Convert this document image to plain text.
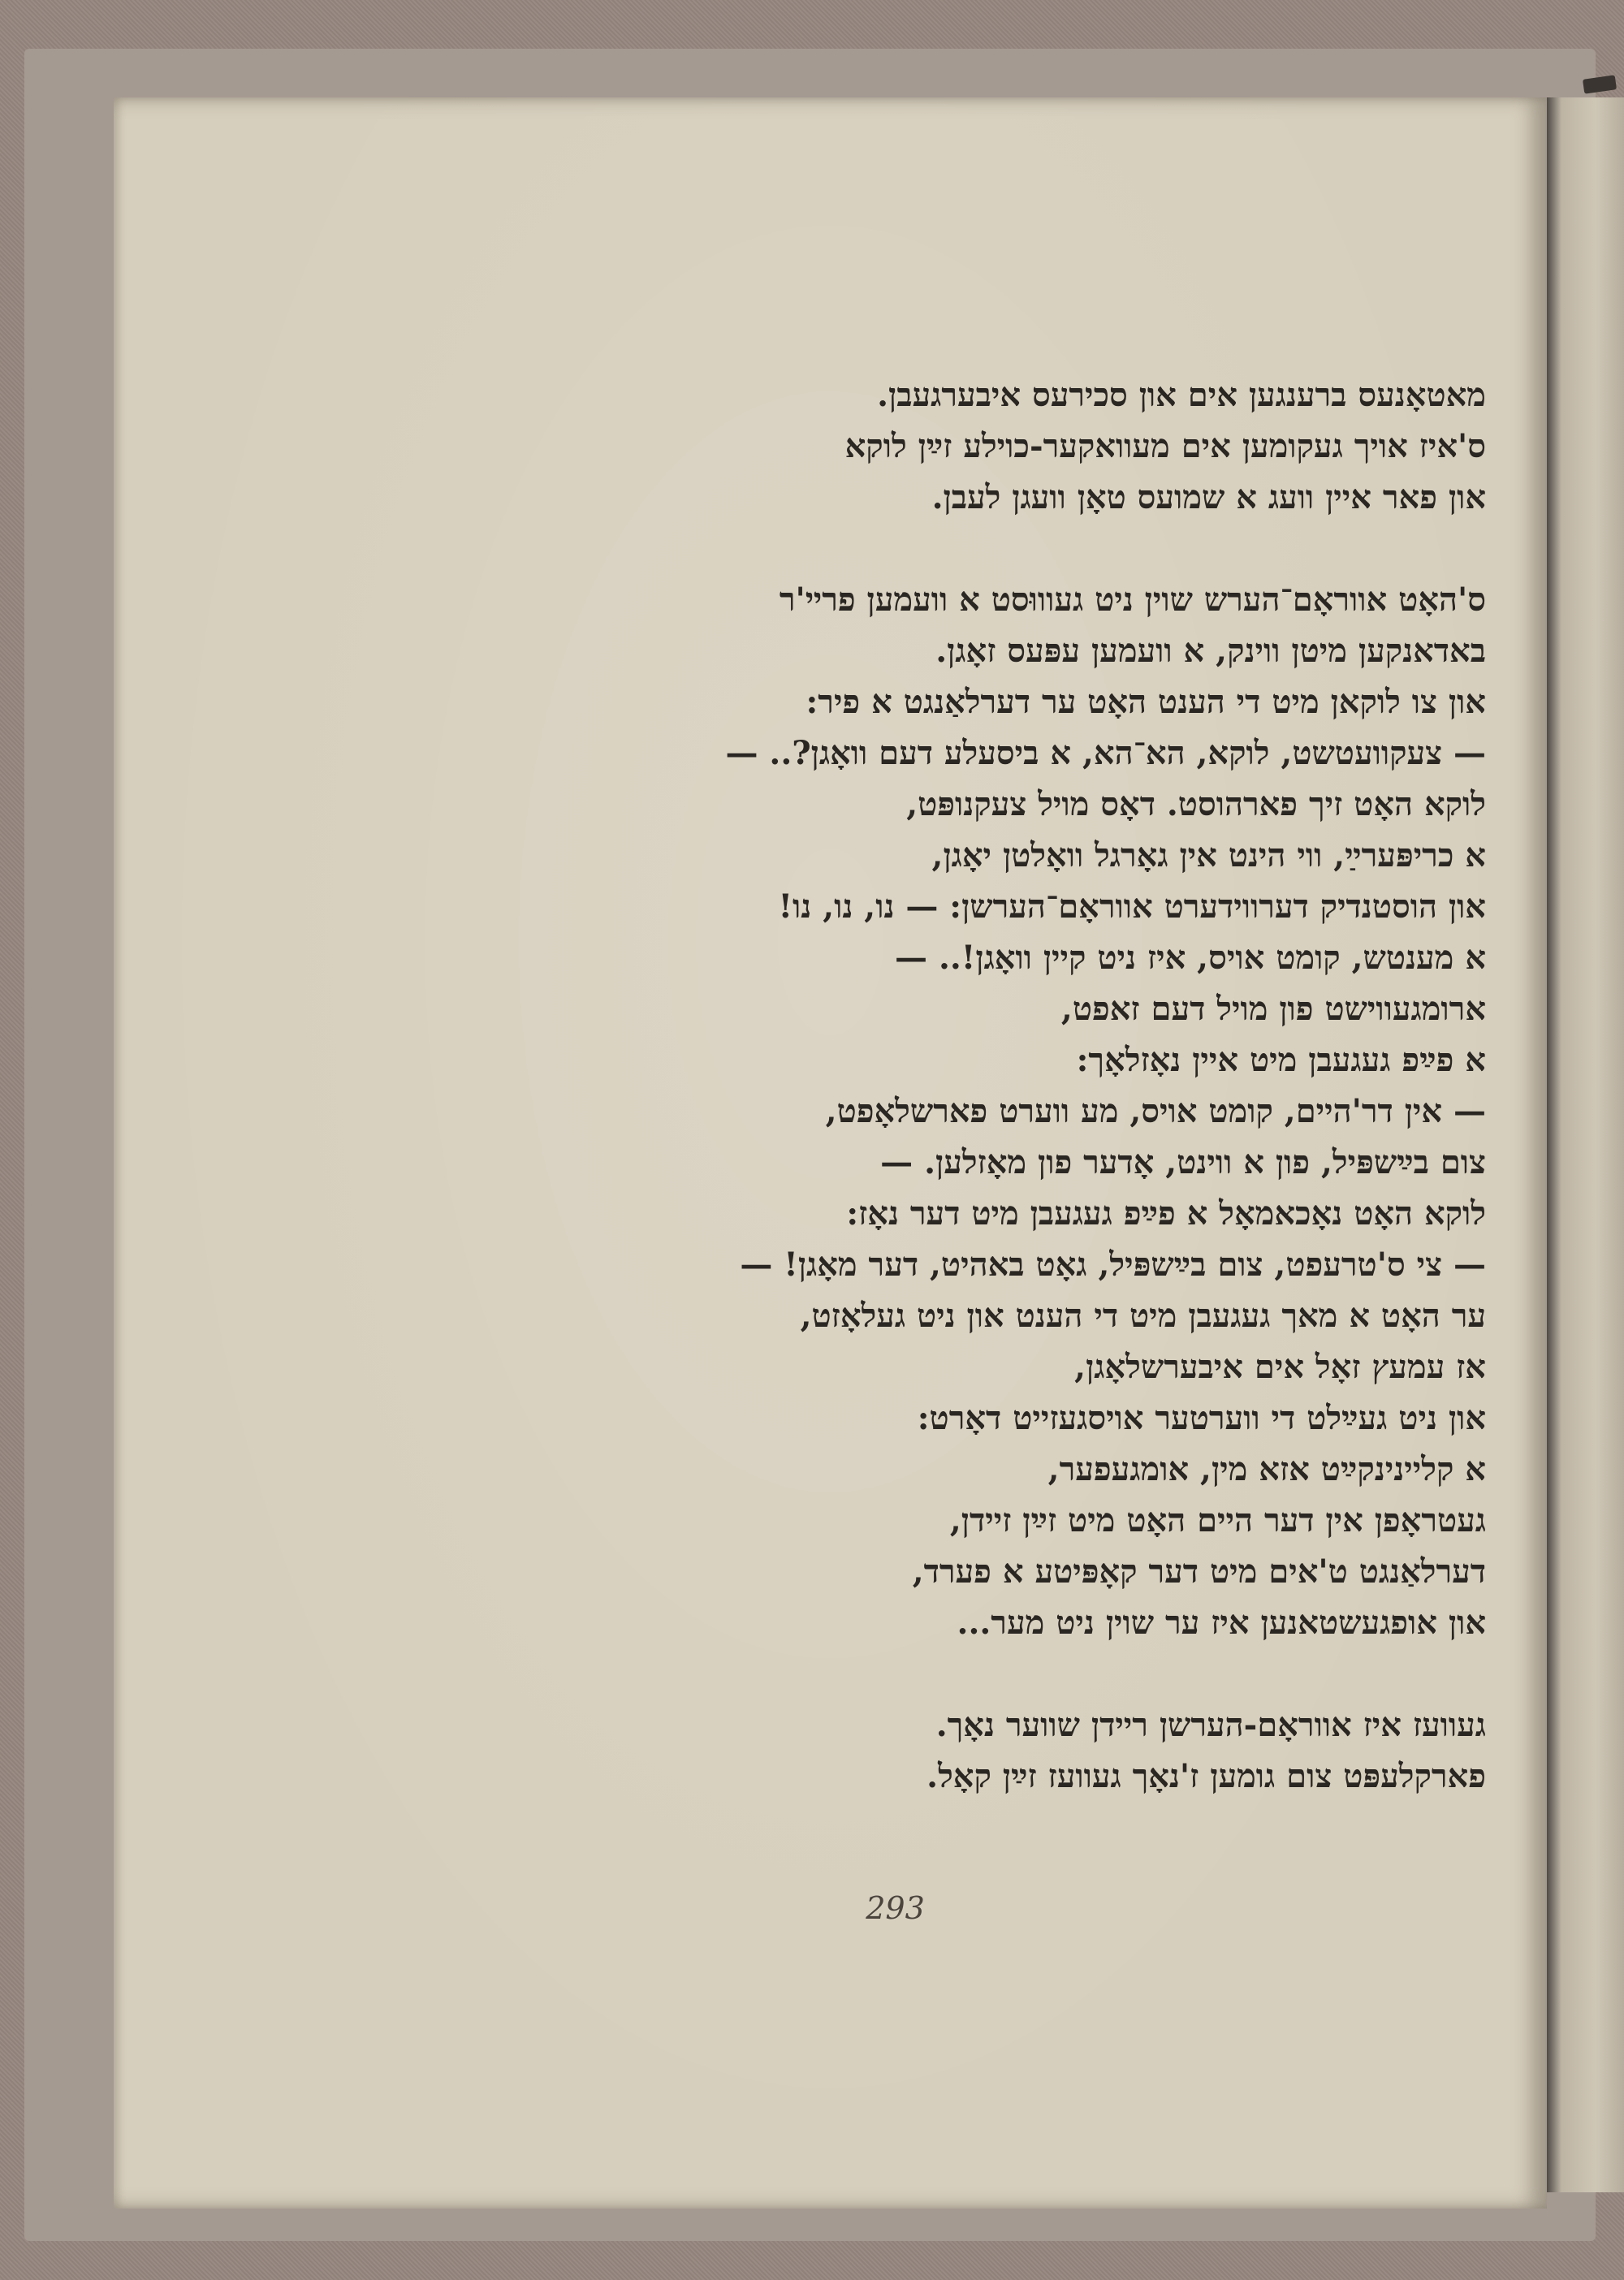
מאטאָנעס ברענגען אים און סכירעס איבערגעבן.
ס'איז אויך געקומען אים מעוואקער-כוילע זײַן לוקא
און פאר איין וועג א שמועס טאָן וועגן לעבן.
ס'האָט אווראָם־הערש שוין ניט געוווּסט א וועמען פרײ'ר
באדאנקען מיטן ווינק, א וועמען עפּעס זאָגן.
און צו לוקאן מיט די הענט האָט ער דערלאַנגט א פיר:
— צעקוועטשט, לוקא, הא־הא, א ביסעלע דעם וואָגן?.. —
לוקא האָט זיך פארהוסט. דאָס מויל צעקנופּט,
א כריפּערײַ, ווי הינט אין גאָרגל וואָלטן יאָגן,
און הוסטנדיק דערווידערט אווראָם־הערשן: — נו, נו, נו!
א מענטש, קומט אויס, איז ניט קיין וואָגן!.. —
ארומגעווישט פון מויל דעם זאפט,
א פײַפ געגעבן מיט איין נאָזלאָך:
— אין דר'היים, קומט אויס, מע ווערט פארשלאָפט,
צום בײַשפּיל, פון א ווינט, אָדער פון מאָזלען. —
לוקא האָט נאָכאמאָל א פײַפ געגעבן מיט דער נאָז:
— צי ס'טרעפט, צום בײַשפּיל, גאָט באהיט, דער מאָגן! —
ער האָט א מאך געגעבן מיט די הענט און ניט געלאָזט,
אז עמעץ זאָל אים איבערשלאָגן,
און ניט געײַלט די ווערטער אויסגעזייט דאָרט:
א קליינינקײַט אזא מין, אומגעפער,
געטראָפן אין דער היים האָט מיט זײַן זיידן,
דערלאַנגט ט'אים מיט דער קאָפּיטע א פערד,
און אופגעשטאנען איז ער שוין ניט מער...
געוועז איז אווראָם-הערשן ריידן שווער נאָך.
פארקלעפּט צום גומען ז'נאָך געוועז זײַן קאָל.
293
